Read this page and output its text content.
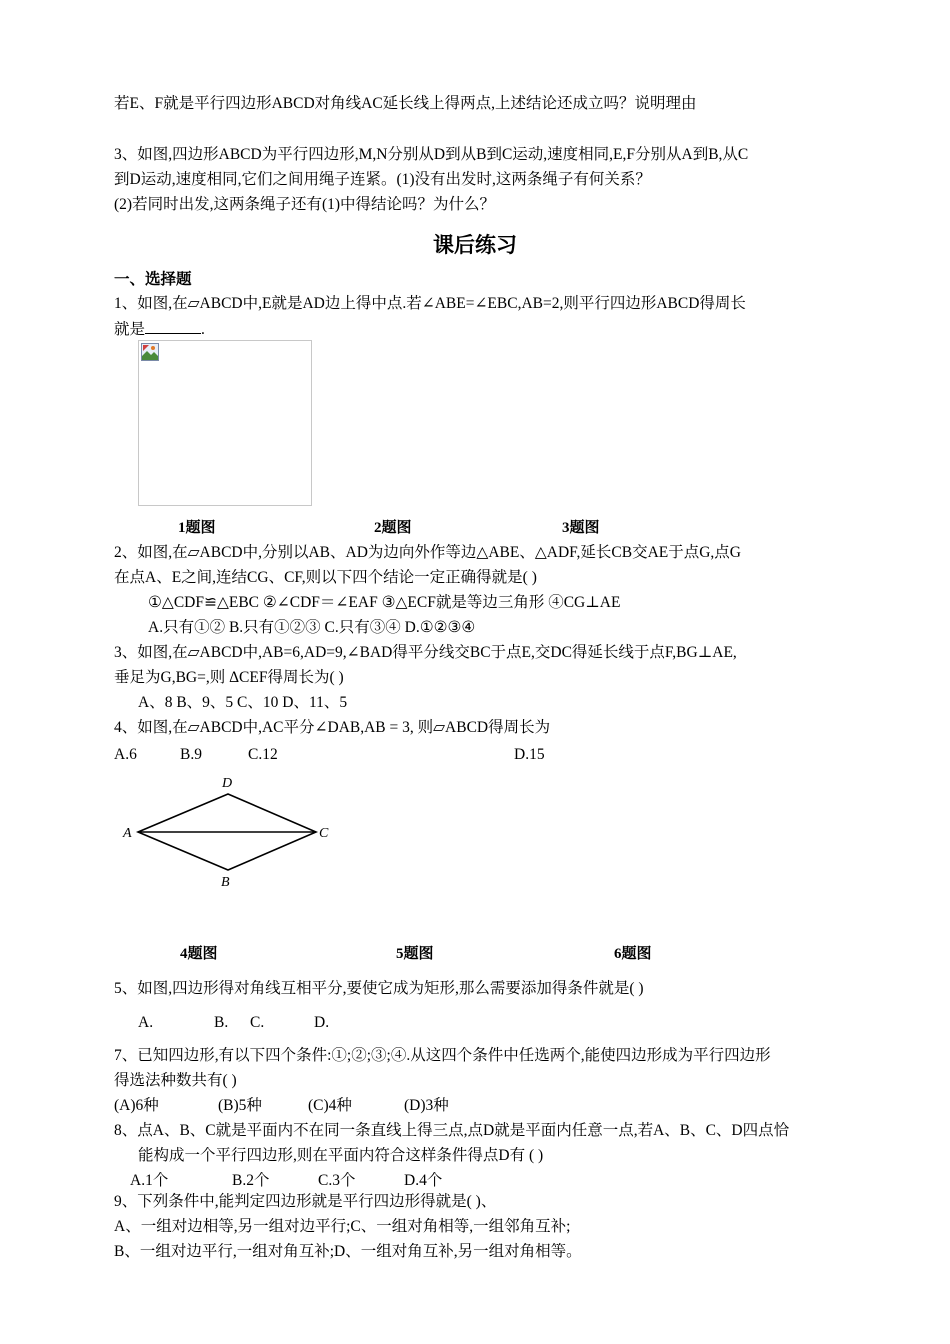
若E、F就是平行四边形ABCD对角线AC延长线上得两点,上述结论还成立吗？说明理由
3、如图,四边形ABCD为平行四边形,M,N分别从D到从B到C运动,速度相同,E,F分别从A到B,从C
到D运动,速度相同,它们之间用绳子连紧。(1)没有出发时,这两条绳子有何关系？
(2)若同时出发,这两条绳子还有(1)中得结论吗？为什么？
课后练习
一、选择题
1、如图,在▱ABCD中,E就是AD边上得中点.若∠ABE=∠EBC,AB=2,则平行四边形ABCD得周长
就是	.
1题图	2题图	3题图
2、如图,在▱ABCD中,分别以AB、AD为边向外作等边△ABE、△ADF,延长CB交AE于点G,点G
在点A、E之间,连结CG、CF,则以下四个结论一定正确得就是( )
①△CDF≌△EBC ②∠CDF＝∠EAF ③△ECF就是等边三角形 ④CG⊥AE
A.只有①② B.只有①②③ C.只有③④ D.①②③④
3、如图,在▱ABCD中,AB=6,AD=9,∠BAD得平分线交BC于点E,交DC得延长线于点F,BG⊥AE,
垂足为G,BG=,则 ΔCEF得周长为( )
A、8 B、9、5 C、10 D、11、5
4、如图,在▱ABCD中,AC平分∠DAB,AB = 3, 则▱ABCD得周长为
A.6	B.9	C.12	D.15
D
A	C
B
4题图	5题图	6题图
5、如图,四边形得对角线互相平分,要使它成为矩形,那么需要添加得条件就是( )
A.	B. C.	D.
7、已知四边形,有以下四个条件:①;②;③;④.从这四个条件中任选两个,能使四边形成为平行四边形
得选法种数共有( )
(A)6种	(B)5种	(C)4种	(D)3种
8、点A、B、C就是平面内不在同一条直线上得三点,点D就是平面内任意一点,若A、B、C、D四点恰
能构成一个平行四边形,则在平面内符合这样条件得点D有 ( )
A.1个	B.2个	C.3个	D.4个
9、下列条件中,能判定四边形就是平行四边形得就是( )、
A、一组对边相等,另一组对边平行;C、一组对角相等,一组邻角互补;
B、一组对边平行,一组对角互补;D、一组对角互补,另一组对角相等。
